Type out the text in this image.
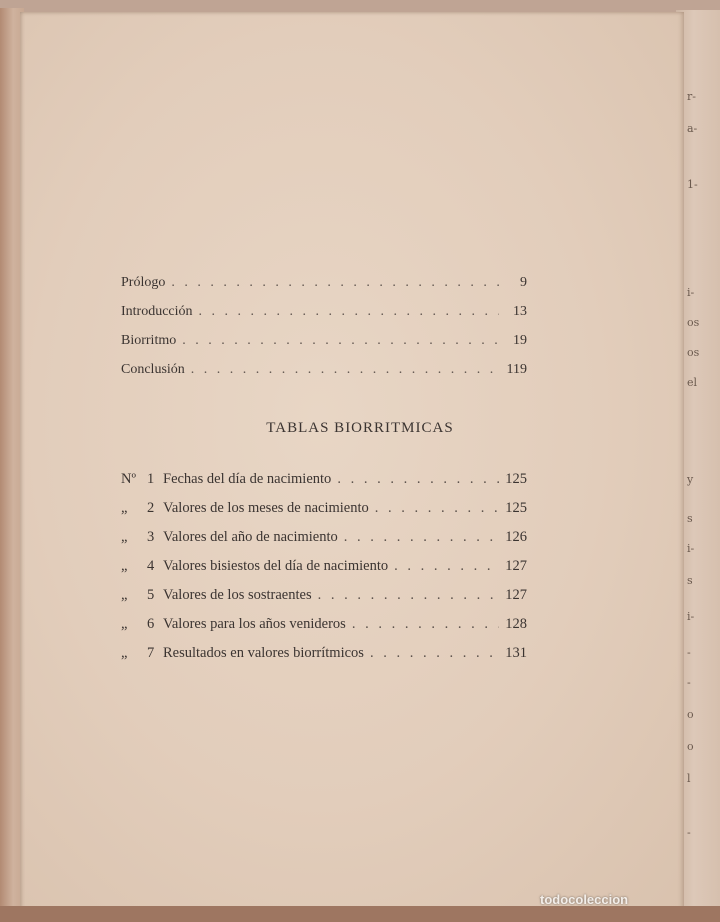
r-
a-
1-
i-
os
os
el
y
s
i-
s
i-
-
-
o
o
l
-
Prólogo . . .	9
Introducción . . .	13
Biorritmo . . .	19
Conclusión . . .	119
TABLAS BIORRITMICAS
Nº 1 Fechas del día de nacimiento . . .	125
„	2 Valores de los meses de nacimiento . . .	125
„	3 Valores del año de nacimiento . . .	126
„	4 Valores bisiestos del día de nacimiento . . .	127
„	5 Valores de los sostraentes . . .	127
„	6 Valores para los años venideros . . .	128
„	7 Resultados en valores biorrítmicos . . .	131
todocoleccion
